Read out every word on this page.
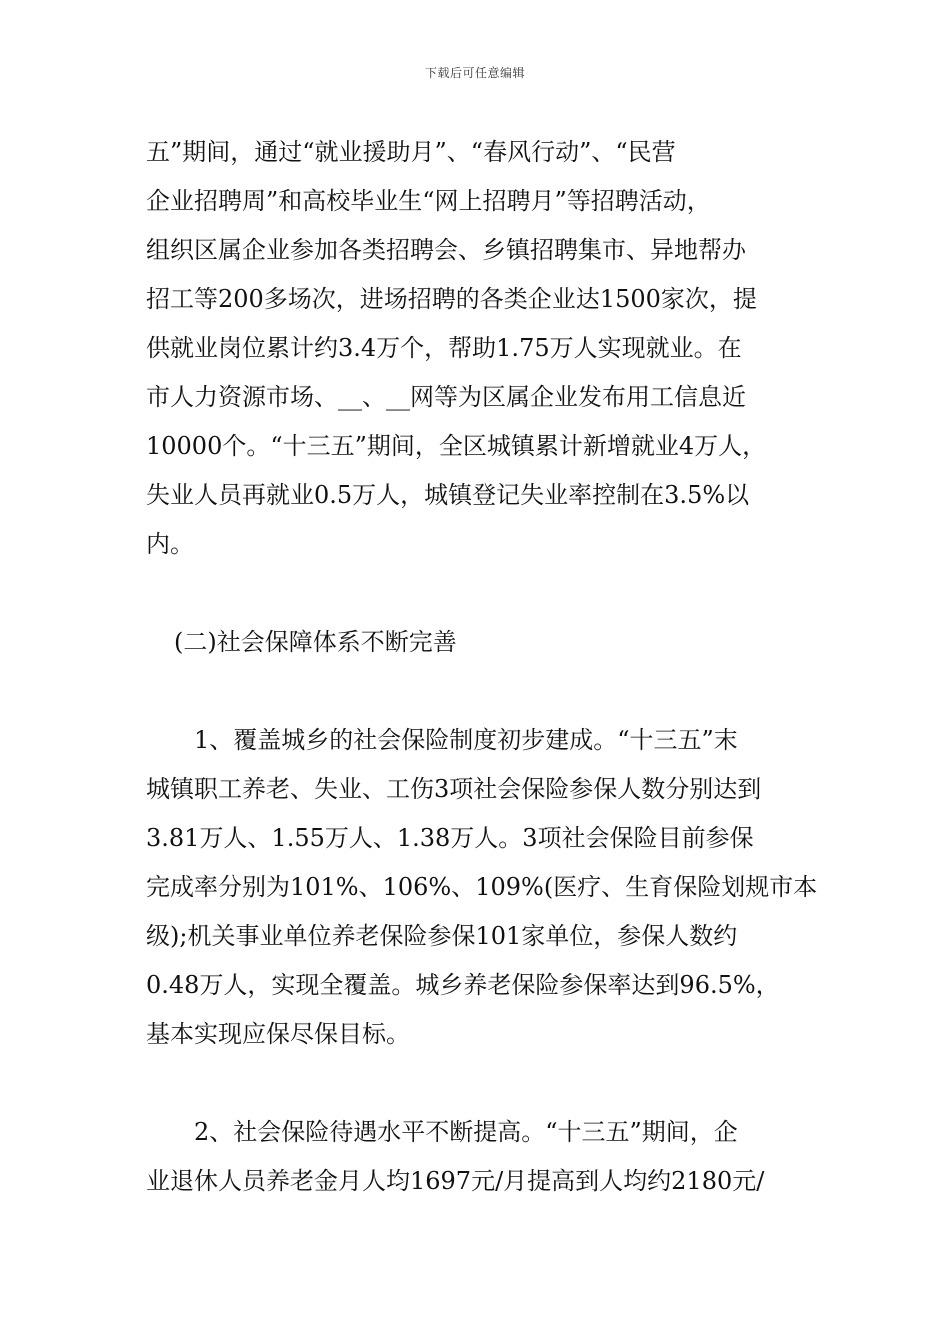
下载后可任意编辑
五”期间，通过“就业援助月”、“春风行动”、“民营
企业招聘周”和高校毕业生“网上招聘月”等招聘活动，
组织区属企业参加各类招聘会、乡镇招聘集市、异地帮办
招工等200多场次，进场招聘的各类企业达1500家次，提
供就业岗位累计约3.4万个，帮助1.75万人实现就业。在
市人力资源市场、__、__网等为区属企业发布用工信息近
10000个。“十三五”期间，全区城镇累计新增就业4万人，
失业人员再就业0.5万人，城镇登记失业率控制在3.5%以
内。
(二)社会保障体系不断完善
1、覆盖城乡的社会保险制度初步建成。“十三五”末
城镇职工养老、失业、工伤3项社会保险参保人数分别达到
3.81万人、1.55万人、1.38万人。3项社会保险目前参保
完成率分别为101%、106%、109%(医疗、生育保险划规市本
级);机关事业单位养老保险参保101家单位，参保人数约
0.48万人，实现全覆盖。城乡养老保险参保率达到96.5%，
基本实现应保尽保目标。
2、社会保险待遇水平不断提高。“十三五”期间，企
业退休人员养老金月人均1697元/月提高到人均约2180元/
